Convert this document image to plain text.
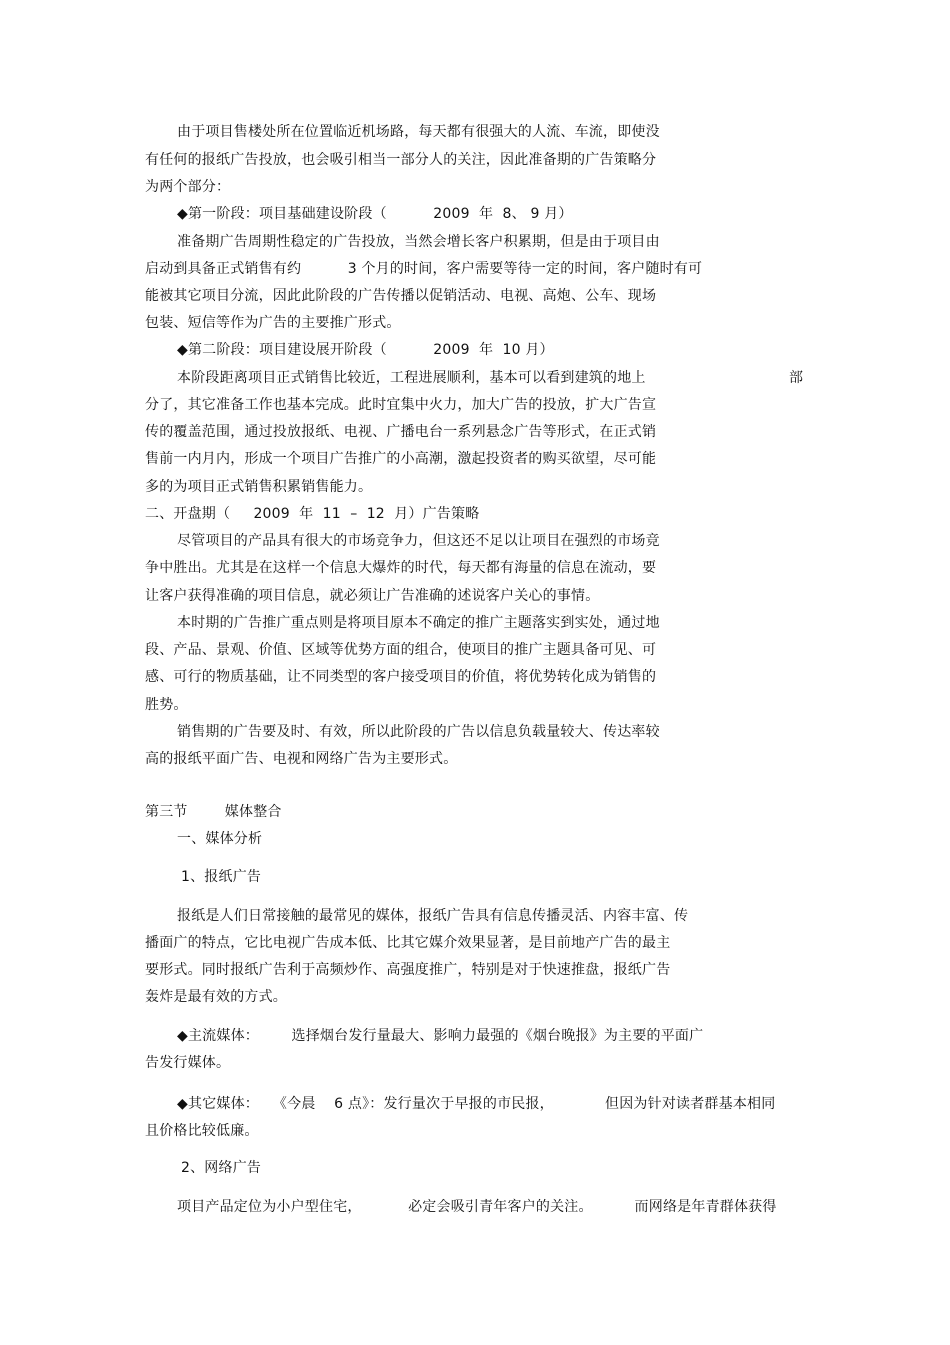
由于项目售楼处所在位置临近机场路，每天都有很强大的人流、车流，即使没
有任何的报纸广告投放，也会吸引相当一部分人的关注，因此准备期的广告策略分
为两个部分：
◆第一阶段：项目基础建设阶段（          2009  年  8、 9 月）
准备期广告周期性稳定的广告投放，当然会增长客户积累期，但是由于项目由
启动到具备正式销售有约          3 个月的时间，客户需要等待一定的时间，客户随时有可
能被其它项目分流，因此此阶段的广告传播以促销活动、电视、高炮、公车、现场
包装、短信等作为广告的主要推广形式。
◆第二阶段：项目建设展开阶段（          2009  年  10 月）
本阶段距离项目正式销售比较近，工程进展顺利，基本可以看到建筑的地上	部
分了，其它准备工作也基本完成。此时宜集中火力，加大广告的投放，扩大广告宣
传的覆盖范围，通过投放报纸、电视、广播电台一系列悬念广告等形式，在正式销
售前一内月内，形成一个项目广告推广的小高潮，激起投资者的购买欲望，尽可能
多的为项目正式销售积累销售能力。
二、开盘期（     2009  年  11  –  12  月）广告策略
尽管项目的产品具有很大的市场竞争力，但这还不足以让项目在强烈的市场竞
争中胜出。尤其是在这样一个信息大爆炸的时代，每天都有海量的信息在流动，要
让客户获得准确的项目信息，就必须让广告准确的述说客户关心的事情。
本时期的广告推广重点则是将项目原本不确定的推广主题落实到实处，通过地
段、产品、景观、价值、区域等优势方面的组合，使项目的推广主题具备可见、可
感、可行的物质基础，让不同类型的客户接受项目的价值，将优势转化成为销售的
胜势。
销售期的广告要及时、有效，所以此阶段的广告以信息负载量较大、传达率较
高的报纸平面广告、电视和网络广告为主要形式。
第三节        媒体整合
一、媒体分析
1、报纸广告
报纸是人们日常接触的最常见的媒体，报纸广告具有信息传播灵活、内容丰富、传
播面广的特点，它比电视广告成本低、比其它媒介效果显著，是目前地产广告的最主
要形式。同时报纸广告利于高频炒作、高强度推广，特别是对于快速推盘，报纸广告
轰炸是最有效的方式。
◆主流媒体：       选择烟台发行量最大、影响力最强的《烟台晚报》为主要的平面广
告发行媒体。
◆其它媒体：   《今晨    6 点》：发行量次于早报的市民报，           但因为针对读者群基本相同
且价格比较低廉。
2、网络广告
项目产品定位为小户型住宅，          必定会吸引青年客户的关注。         而网络是年青群体获得
